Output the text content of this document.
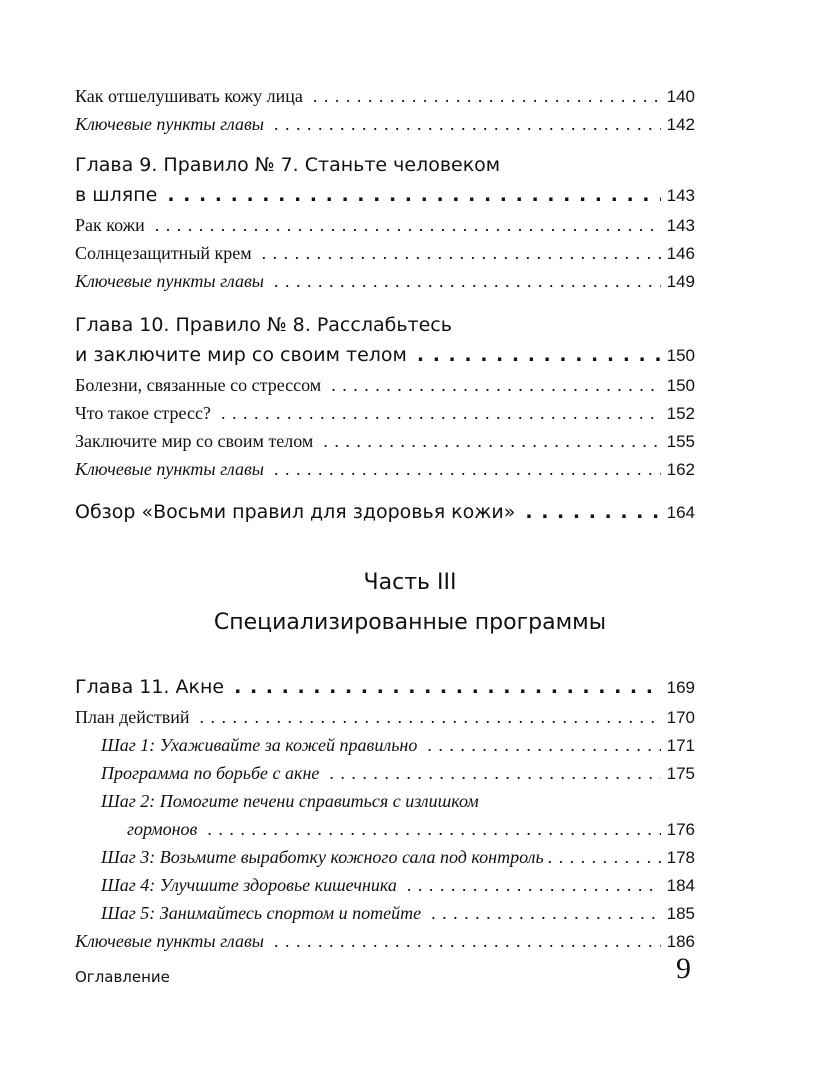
Как отшелушивать кожу лица . . .	140
Ключевые пункты главы . . .	142
Глава 9. Правило № 7. Станьте человеком
в шляпе . . .	143
Рак кожи . . .	143
Солнцезащитный крем . . .	146
Ключевые пункты главы . . .	149
Глава 10. Правило № 8. Расслабьтесь
и заключите мир со своим телом . . .	150
Болезни, связанные со стрессом . . .	150
Что такое стресс? . . .	152
Заключите мир со своим телом . . .	155
Ключевые пункты главы . . .	162
Обзор «Восьми правил для здоровья кожи» . . .	164
Часть III
Специализированные программы
Глава 11. Акне . . .	169
План действий . . .	170
Шаг 1: Ухаживайте за кожей правильно . . .	171
Программа по борьбе с акне . . .	175
Шаг 2: Помогите печени справиться с излишком
гормонов . . .	176
Шаг 3: Возьмите выработку кожного сала под контроль . . .	178
Шаг 4: Улучшите здоровье кишечника . . .	184
Шаг 5: Занимайтесь спортом и потейте . . .	185
Ключевые пункты главы . . .	186
Оглавление	9
